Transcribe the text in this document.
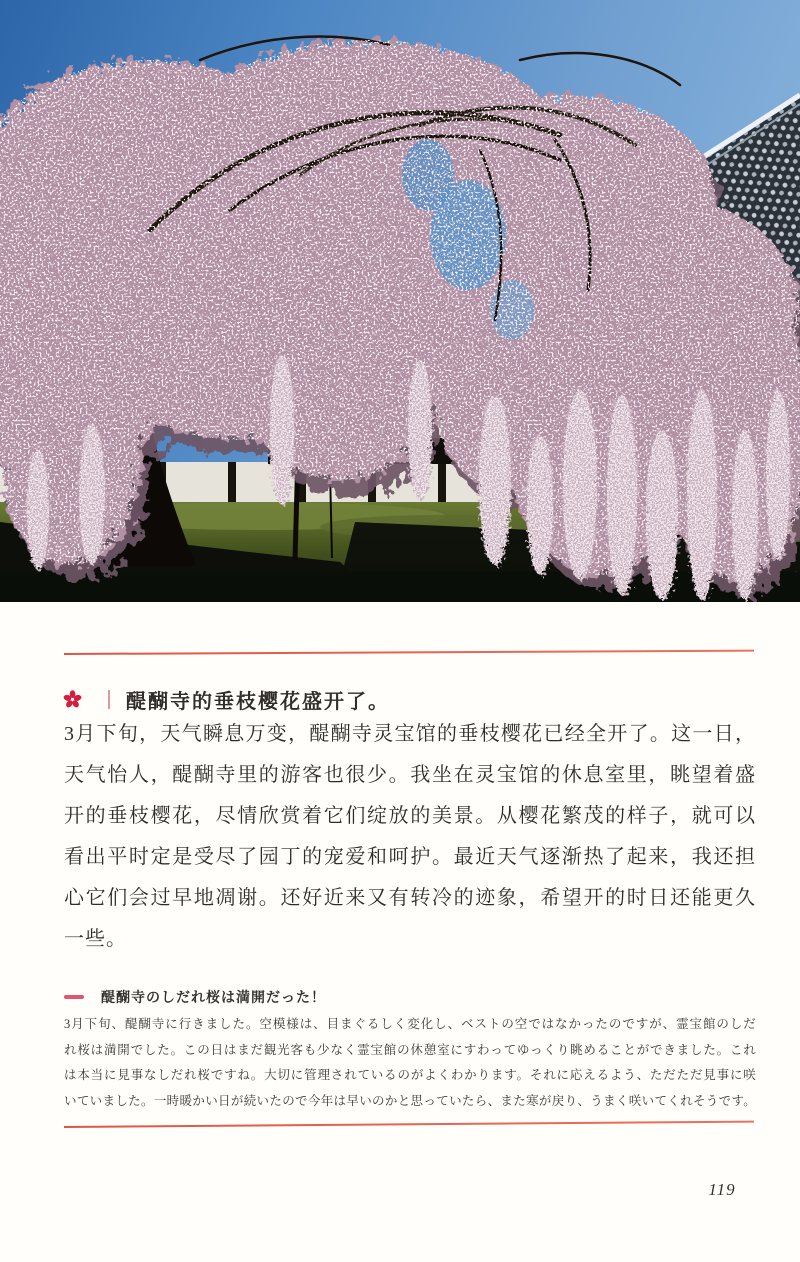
醍醐寺的垂枝樱花盛开了。
3月下旬，天气瞬息万变，醍醐寺灵宝馆的垂枝樱花已经全开了。这一日，
天气怡人，醍醐寺里的游客也很少。我坐在灵宝馆的休息室里，眺望着盛
开的垂枝樱花，尽情欣赏着它们绽放的美景。从樱花繁茂的样子，就可以
看出平时定是受尽了园丁的宠爱和呵护。最近天气逐渐热了起来，我还担
心它们会过早地凋谢。还好近来又有转冷的迹象，希望开的时日还能更久
一些。
醍醐寺のしだれ桜は満開だった！
3月下旬、醍醐寺に行きました。空模様は、目まぐるしく変化し、ベストの空ではなかったのですが、霊宝館のしだ
れ桜は満開でした。この日はまだ観光客も少なく霊宝館の休憩室にすわってゆっくり眺めることができました。これ
は本当に見事なしだれ桜ですね。大切に管理されているのがよくわかります。それに応えるよう、ただただ見事に咲
いていました。一時暖かい日が続いたので今年は早いのかと思っていたら、また寒が戻り、うまく咲いてくれそうです。
119
